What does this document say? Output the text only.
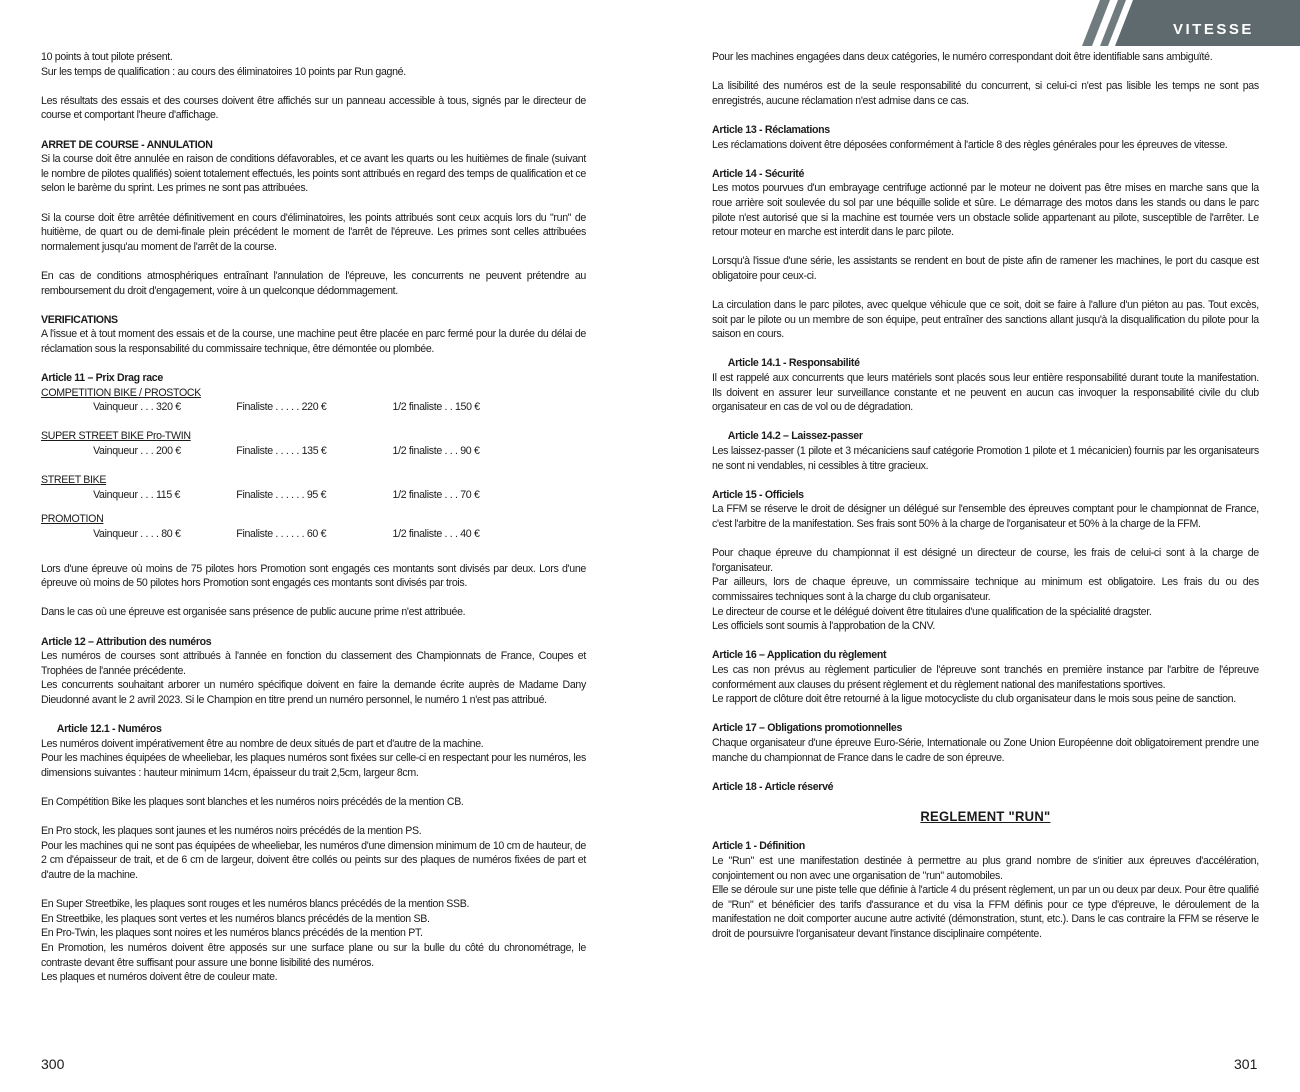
VITESSE
10 points à tout pilote présent.
Sur les temps de qualification : au cours des éliminatoires 10 points par Run gagné.
Les résultats des essais et des courses doivent être affichés sur un panneau accessible à tous, signés par le directeur de course et comportant l'heure d'affichage.
ARRET DE COURSE - ANNULATION
Si la course doit être annulée en raison de conditions défavorables, et ce avant les quarts ou les huitièmes de finale (suivant le nombre de pilotes qualifiés) soient totalement effectués, les points sont attribués en regard des temps de qualification et ce selon le barème du sprint. Les primes ne sont pas attribuées.
Si la course doit être arrêtée définitivement en cours d'éliminatoires, les points attribués sont ceux acquis lors du "run" de huitième, de quart ou de demi-finale plein précédent le moment de l'arrêt de l'épreuve. Les primes sont celles attribuées normalement jusqu'au moment de l'arrêt de la course.
En cas de conditions atmosphériques entraînant l'annulation de l'épreuve, les concurrents ne peuvent prétendre au remboursement du droit d'engagement, voire à un quelconque dédommagement.
VERIFICATIONS
A l'issue et à tout moment des essais et de la course, une machine peut être placée en parc fermé pour la durée du délai de réclamation sous la responsabilité du commissaire technique, être démontée ou plombée.
Article 11 – Prix Drag race
COMPETITION BIKE / PROSTOCK
Vainqueur . . . 320 €	Finaliste . . . . . 220 €	1/2 finaliste . . 150 €
SUPER STREET BIKE Pro-TWIN
Vainqueur . . . 200 €	Finaliste . . . . . 135 €	1/2 finaliste . . . 90 €
STREET BIKE
Vainqueur . . . 115 €	Finaliste . . . . . . 95 €	1/2 finaliste . . . 70 €
PROMOTION
Vainqueur . . . . 80 €	Finaliste . . . . . . 60 €	1/2 finaliste . . . 40 €
Lors d'une épreuve où moins de 75 pilotes hors Promotion sont engagés ces montants sont divisés par deux. Lors d'une épreuve où moins de 50 pilotes hors Promotion sont engagés ces montants sont divisés par trois.
Dans le cas où une épreuve est organisée sans présence de public aucune prime n'est attribuée.
Article 12 – Attribution des numéros
Les numéros de courses sont attribués à l'année en fonction du classement des Championnats de France, Coupes et Trophées de l'année précédente.
Les concurrents souhaitant arborer un numéro spécifique doivent en faire la demande écrite auprès de Madame Dany Dieudonné avant le 2 avril 2023. Si le Champion en titre prend un numéro personnel, le numéro 1 n'est pas attribué.
Article 12.1 - Numéros
Les numéros doivent impérativement être au nombre de deux situés de part et d'autre de la machine.
Pour les machines équipées de wheeliebar, les plaques numéros sont fixées sur celle-ci en respectant pour les numéros, les dimensions suivantes : hauteur minimum 14cm, épaisseur du trait 2,5cm, largeur 8cm.
En Compétition Bike les plaques sont blanches et les numéros noirs précédés de la mention CB.
En Pro stock, les plaques sont jaunes et les numéros noirs précédés de la mention PS.
Pour les machines qui ne sont pas équipées de wheeliebar, les numéros d'une dimension minimum de 10 cm de hauteur, de 2 cm d'épaisseur de trait, et de 6 cm de largeur, doivent être collés ou peints sur des plaques de numéros fixées de part et d'autre de la machine.
En Super Streetbike, les plaques sont rouges et les numéros blancs précédés de la mention SSB.
En Streetbike, les plaques sont vertes et les numéros blancs précédés de la mention SB.
En Pro-Twin, les plaques sont noires et les numéros blancs précédés de la mention PT.
En Promotion, les numéros doivent être apposés sur une surface plane ou sur la bulle du côté du chronométrage, le contraste devant être suffisant pour assure une bonne lisibilité des numéros.
Les plaques et numéros doivent être de couleur mate.
300
Pour les machines engagées dans deux catégories, le numéro correspondant doit être identifiable sans ambiguïté.
La lisibilité des numéros est de la seule responsabilité du concurrent, si celui-ci n'est pas lisible les temps ne sont pas enregistrés, aucune réclamation n'est admise dans ce cas.
Article 13 - Réclamations
Les réclamations doivent être déposées conformément à l'article 8 des règles générales pour les épreuves de vitesse.
Article 14 - Sécurité
Les motos pourvues d'un embrayage centrifuge actionné par le moteur ne doivent pas être mises en marche sans que la roue arrière soit soulevée du sol par une béquille solide et sûre. Le démarrage des motos dans les stands ou dans le parc pilote n'est autorisé que si la machine est tournée vers un obstacle solide appartenant au pilote, susceptible de l'arrêter. Le retour moteur en marche est interdit dans le parc pilote.
Lorsqu'à l'issue d'une série, les assistants se rendent en bout de piste afin de ramener les machines, le port du casque est obligatoire pour ceux-ci.
La circulation dans le parc pilotes, avec quelque véhicule que ce soit, doit se faire à l'allure d'un piéton au pas. Tout excès, soit par le pilote ou un membre de son équipe, peut entraîner des sanctions allant jusqu'à la disqualification du pilote pour la saison en cours.
Article 14.1 - Responsabilité
Il est rappelé aux concurrents que leurs matériels sont placés sous leur entière responsabilité durant toute la manifestation. Ils doivent en assurer leur surveillance constante et ne peuvent en aucun cas invoquer la responsabilité civile du club organisateur en cas de vol ou de dégradation.
Article 14.2 – Laissez-passer
Les laissez-passer (1 pilote et 3 mécaniciens sauf catégorie Promotion 1 pilote et 1 mécanicien) fournis par les organisateurs ne sont ni vendables, ni cessibles à titre gracieux.
Article 15 - Officiels
La FFM se réserve le droit de désigner un délégué sur l'ensemble des épreuves comptant pour le championnat de France, c'est l'arbitre de la manifestation. Ses frais sont 50% à la charge de l'organisateur et 50% à la charge de la FFM.
Pour chaque épreuve du championnat il est désigné un directeur de course, les frais de celui-ci sont à la charge de l'organisateur.
Par ailleurs, lors de chaque épreuve, un commissaire technique au minimum est obligatoire. Les frais du ou des commissaires techniques sont à la charge du club organisateur.
Le directeur de course et le délégué doivent être titulaires d'une qualification de la spécialité dragster.
Les officiels sont soumis à l'approbation de la CNV.
Article 16 – Application du règlement
Les cas non prévus au règlement particulier de l'épreuve sont tranchés en première instance par l'arbitre de l'épreuve conformément aux clauses du présent règlement et du règlement national des manifestations sportives.
Le rapport de clôture doit être retourné à la ligue motocycliste du club organisateur dans le mois sous peine de sanction.
Article 17 – Obligations promotionnelles
Chaque organisateur d'une épreuve Euro-Série, Internationale ou Zone Union Européenne doit obligatoirement prendre une manche du championnat de France dans le cadre de son épreuve.
Article 18 - Article réservé
REGLEMENT "RUN"
Article 1 - Définition
Le "Run" est une manifestation destinée à permettre au plus grand nombre de s'initier aux épreuves d'accélération, conjointement ou non avec une organisation de "run" automobiles.
Elle se déroule sur une piste telle que définie à l'article 4 du présent règlement, un par un ou deux par deux. Pour être qualifié de "Run" et bénéficier des tarifs d'assurance et du visa la FFM définis pour ce type d'épreuve, le déroulement de la manifestation ne doit comporter aucune autre activité (démonstration, stunt, etc.). Dans le cas contraire la FFM se réserve le droit de poursuivre l'organisateur devant l'instance disciplinaire compétente.
301
